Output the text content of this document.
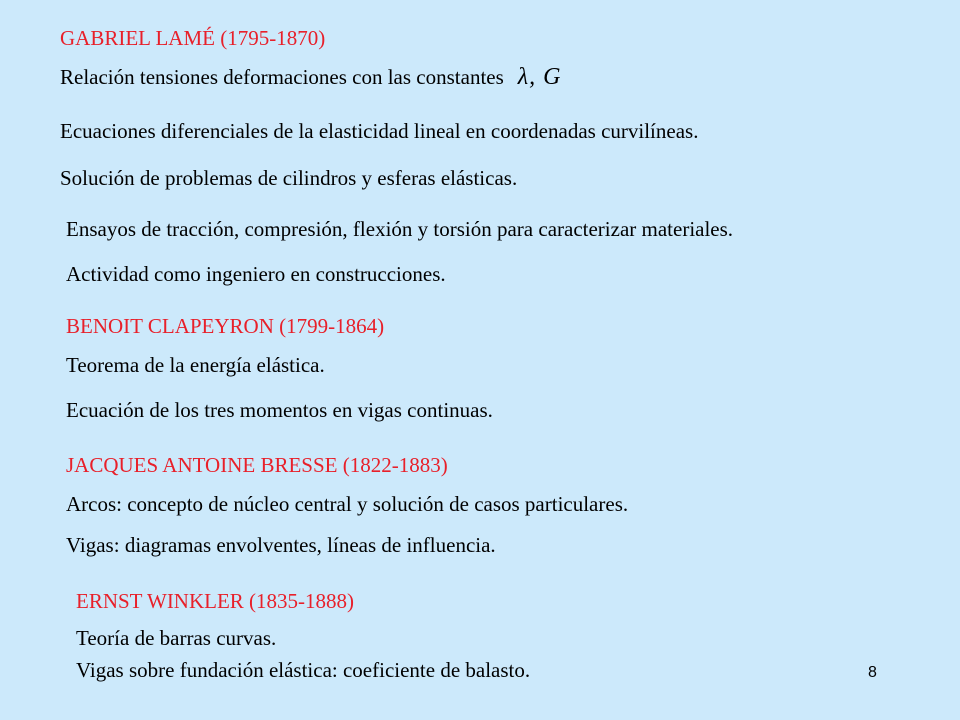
GABRIEL LAMÉ (1795-1870)
Relación tensiones deformaciones con las constantes λ, G
Ecuaciones diferenciales de la elasticidad lineal en coordenadas curvilíneas.
Solución de problemas de cilindros y esferas elásticas.
Ensayos de tracción, compresión, flexión y torsión para caracterizar materiales.
Actividad como ingeniero en construcciones.
BENOIT CLAPEYRON (1799-1864)
Teorema de la energía elástica.
Ecuación de los tres momentos en vigas continuas.
JACQUES ANTOINE BRESSE (1822-1883)
Arcos: concepto de núcleo central y solución de casos particulares.
Vigas: diagramas envolventes, líneas de influencia.
ERNST WINKLER (1835-1888)
Teoría de barras curvas.
Vigas sobre fundación elástica: coeficiente de balasto.	8
